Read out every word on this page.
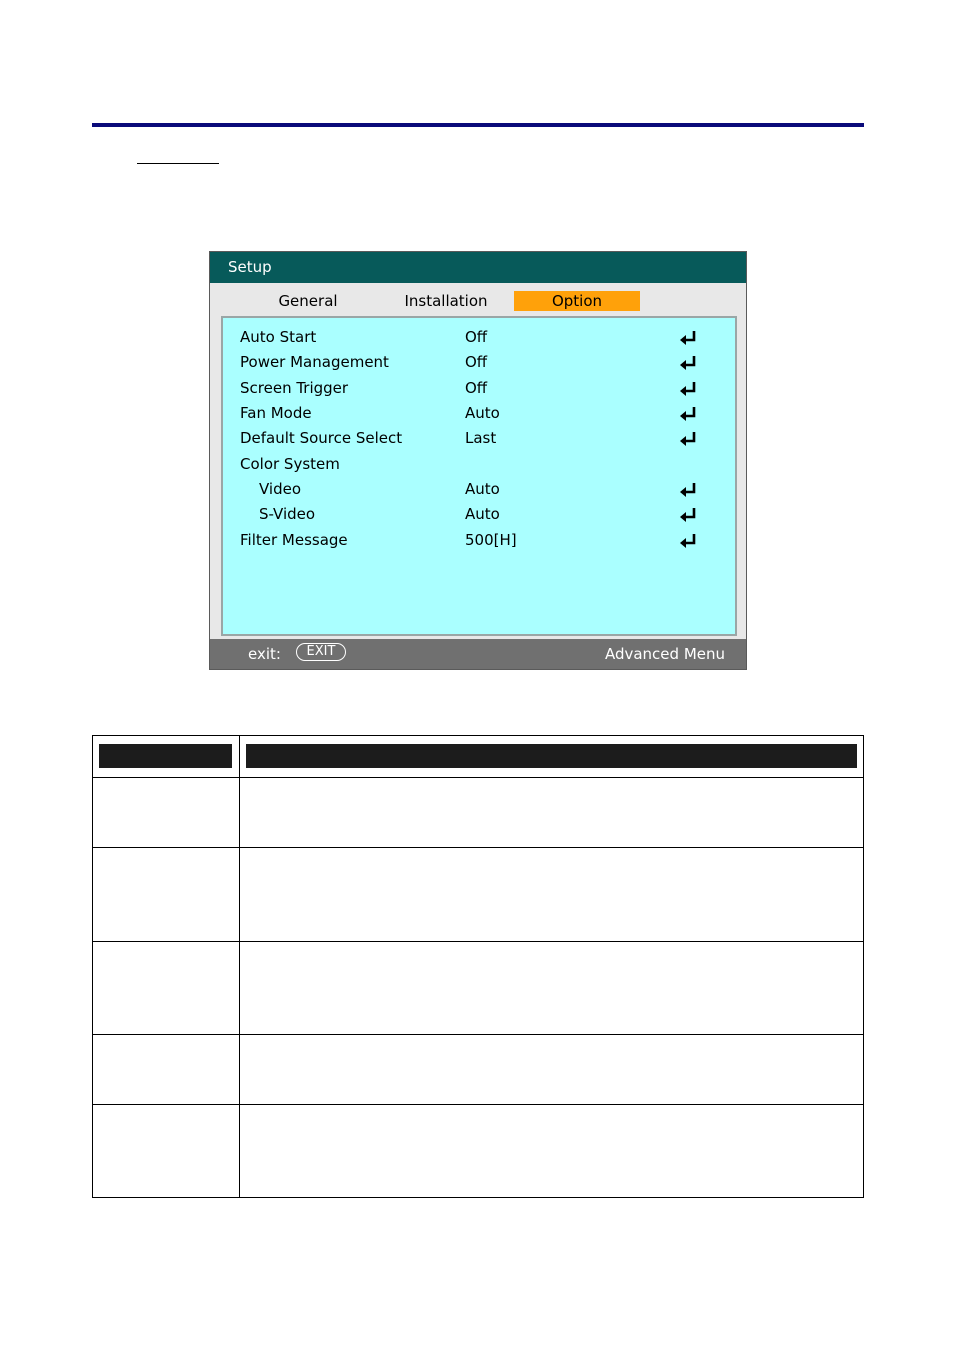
Setup
General	Installation	Option
Auto Start	Off
Power Management	Off
Screen Trigger	Off
Fan Mode	Auto
Default Source Select	Last
Color System
Video	Auto
S-Video	Auto
Filter Message	500[H]
exit:	EXIT	Advanced Menu
